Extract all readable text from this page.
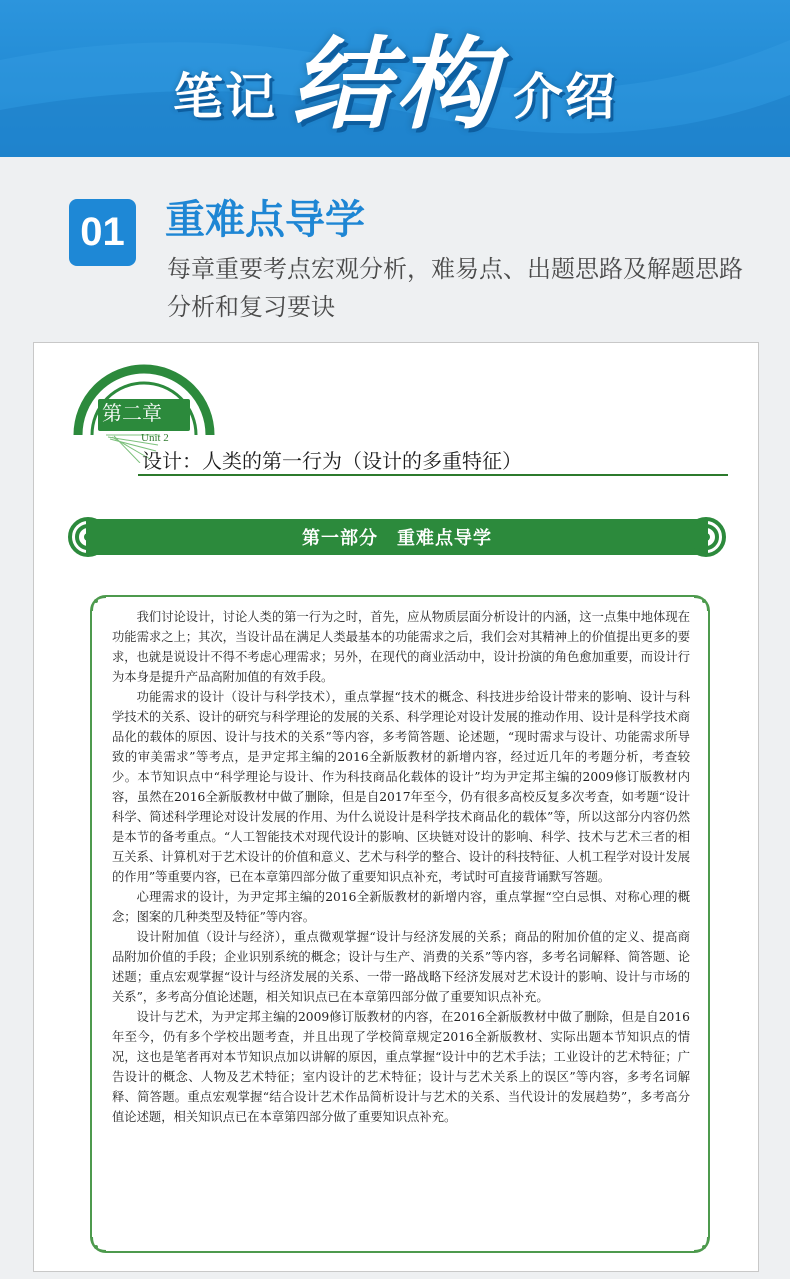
笔记 结构 介绍
01 重难点导学
每章重要考点宏观分析，难易点、出题思路及解题思路分析和复习要诀
第二章
Unit 2
设计：人类的第一行为（设计的多重特征）
第一部分　重难点导学

我们讨论设计，讨论人类的第一行为之时，首先，应从物质层面分析设计的内涵，这一点集中地体现在功能需求之上；其次，当设计品在满足人类最基本的功能需求之后，我们会对其精神上的价值提出更多的要求，也就是说设计不得不考虑心理需求；另外，在现代的商业活动中，设计扮演的角色愈加重要，而设计行为本身是提升产品高附加值的有效手段。

功能需求的设计（设计与科学技术），重点掌握“技术的概念、科技进步给设计带来的影响、设计与科学技术的关系、设计的研究与科学理论的发展的关系、科学理论对设计发展的推动作用、设计是科学技术商品化的载体的原因、设计与技术的关系”等内容，多考简答题、论述题，“现时需求与设计、功能需求所导致的审美需求”等考点，是尹定邦主编的2016全新版教材的新增内容，经过近几年的考题分析，考查较少。本节知识点中“科学理论与设计、作为科技商品化载体的设计”均为尹定邦主编的2009修订版教材内容，虽然在2016全新版教材中做了删除，但是自2017年至今，仍有很多高校反复多次考查，如考题“设计科学、简述科学理论对设计发展的作用、为什么说设计是科学技术商品化的载体”等，所以这部分内容仍然是本节的备考重点。“人工智能技术对现代设计的影响、区块链对设计的影响、科学、技术与艺术三者的相互关系、计算机对于艺术设计的价值和意义、艺术与科学的整合、设计的科技特征、人机工程学对设计发展的作用”等重要内容，已在本章第四部分做了重要知识点补充，考试时可直接背诵默写答题。

心理需求的设计，为尹定邦主编的2016全新版教材的新增内容，重点掌握“空白忌惧、对称心理的概念；图案的几种类型及特征”等内容。

设计附加值（设计与经济），重点微观掌握“设计与经济发展的关系；商品的附加价值的定义、提高商品附加价值的手段；企业识别系统的概念；设计与生产、消费的关系”等内容，多考名词解释、简答题、论述题；重点宏观掌握“设计与经济发展的关系、一带一路战略下经济发展对艺术设计的影响、设计与市场的关系”，多考高分值论述题，相关知识点已在本章第四部分做了重要知识点补充。

设计与艺术，为尹定邦主编的2009修订版教材的内容，在2016全新版教材中做了删除，但是自2016年至今，仍有多个学校出题考查，并且出现了学校简章规定2016全新版教材、实际出题本节知识点的情况，这也是笔者再对本节知识点加以讲解的原因，重点掌握“设计中的艺术手法；工业设计的艺术特征；广告设计的概念、人物及艺术特征；室内设计的艺术特征；设计与艺术关系上的误区”等内容，多考名词解释、简答题。重点宏观掌握“结合设计艺术作品简析设计与艺术的关系、当代设计的发展趋势”，多考高分值论述题，相关知识点已在本章第四部分做了重要知识点补充。
